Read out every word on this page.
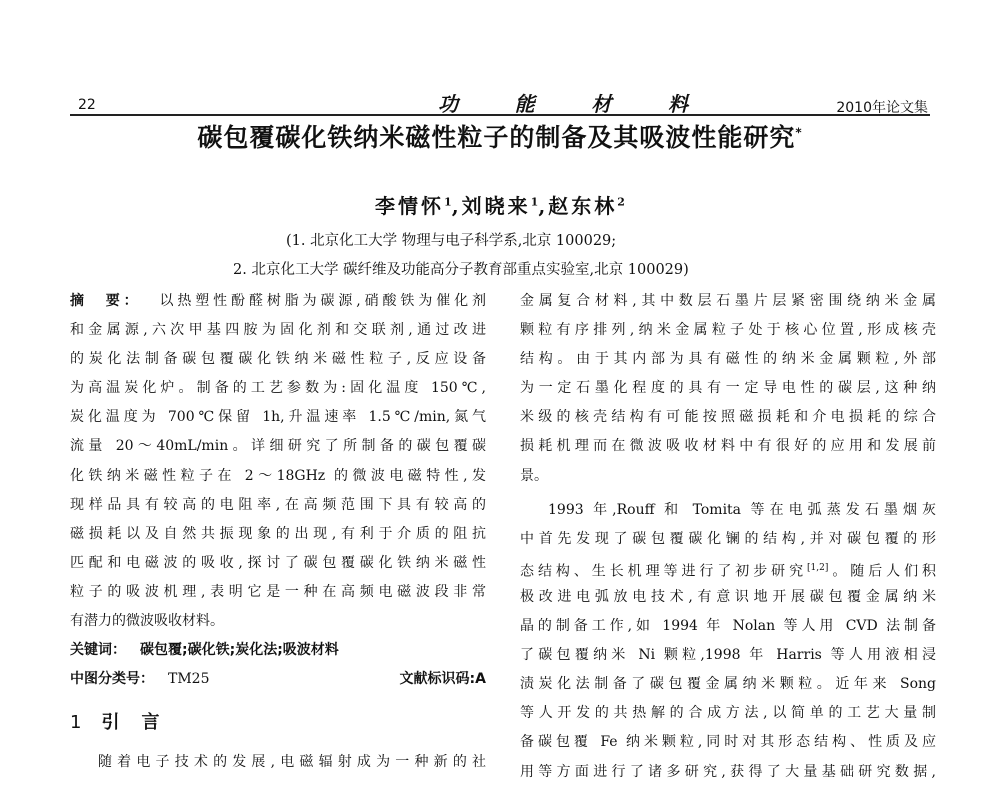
22	功	能	材	料	2010年论文集
碳包覆碳化铁纳米磁性粒子的制备及其吸波性能研究*
李情怀$^1$,刘晓来$^1$,赵东林$^2$
(1. 北京化工大学 物理与电子科学系,北京 100029;
2. 北京化工大学 碳纤维及功能高分子教育部重点实验室,北京 100029)
摘　要： 以热塑性酚醛树脂为碳源,硝酸铁为催化剂
和金属源,六次甲基四胺为固化剂和交联剂,通过改进
的炭化法制备碳包覆碳化铁纳米磁性粒子,反应设备
为高温炭化炉。制备的工艺参数为:固化温度 150℃,
炭化温度为 700℃保留 1h,升温速率 1.5℃/min,氮气
流量 20～40mL/min。详细研究了所制备的碳包覆碳
化铁纳米磁性粒子在 2～18GHz 的微波电磁特性,发
现样品具有较高的电阻率,在高频范围下具有较高的
磁损耗以及自然共振现象的出现,有利于介质的阻抗
匹配和电磁波的吸收,探讨了碳包覆碳化铁纳米磁性
粒子的吸波机理,表明它是一种在高频电磁波段非常
有潜力的微波吸收材料。
关键词： 碳包覆;碳化铁;炭化法;吸波材料
中图分类号： TM25	文献标识码:A
1 引 言
随着电子技术的发展,电磁辐射成为一种新的社
金属复合材料,其中数层石墨片层紧密围绕纳米金属
颗粒有序排列,纳米金属粒子处于核心位置,形成核壳
结构。由于其内部为具有磁性的纳米金属颗粒,外部
为一定石墨化程度的具有一定导电性的碳层,这种纳
米级的核壳结构有可能按照磁损耗和介电损耗的综合
损耗机理而在微波吸收材料中有很好的应用和发展前
景。
1993 年,Rouff 和 Tomita 等在电弧蒸发石墨烟灰
中首先发现了碳包覆碳化镧的结构,并对碳包覆的形
态结构、生长机理等进行了初步研究[1,2]。随后人们积
极改进电弧放电技术,有意识地开展碳包覆金属纳米
晶的制备工作,如 1994 年 Nolan 等人用 CVD 法制备
了碳包覆纳米 Ni 颗粒,1998 年 Harris 等人用液相浸
渍炭化法制备了碳包覆金属纳米颗粒。近年来 Song
等人开发的共热解的合成方法,以简单的工艺大量制
备碳包覆 Fe 纳米颗粒,同时对其形态结构、性质及应
用等方面进行了诸多研究,获得了大量基础研究数据,
